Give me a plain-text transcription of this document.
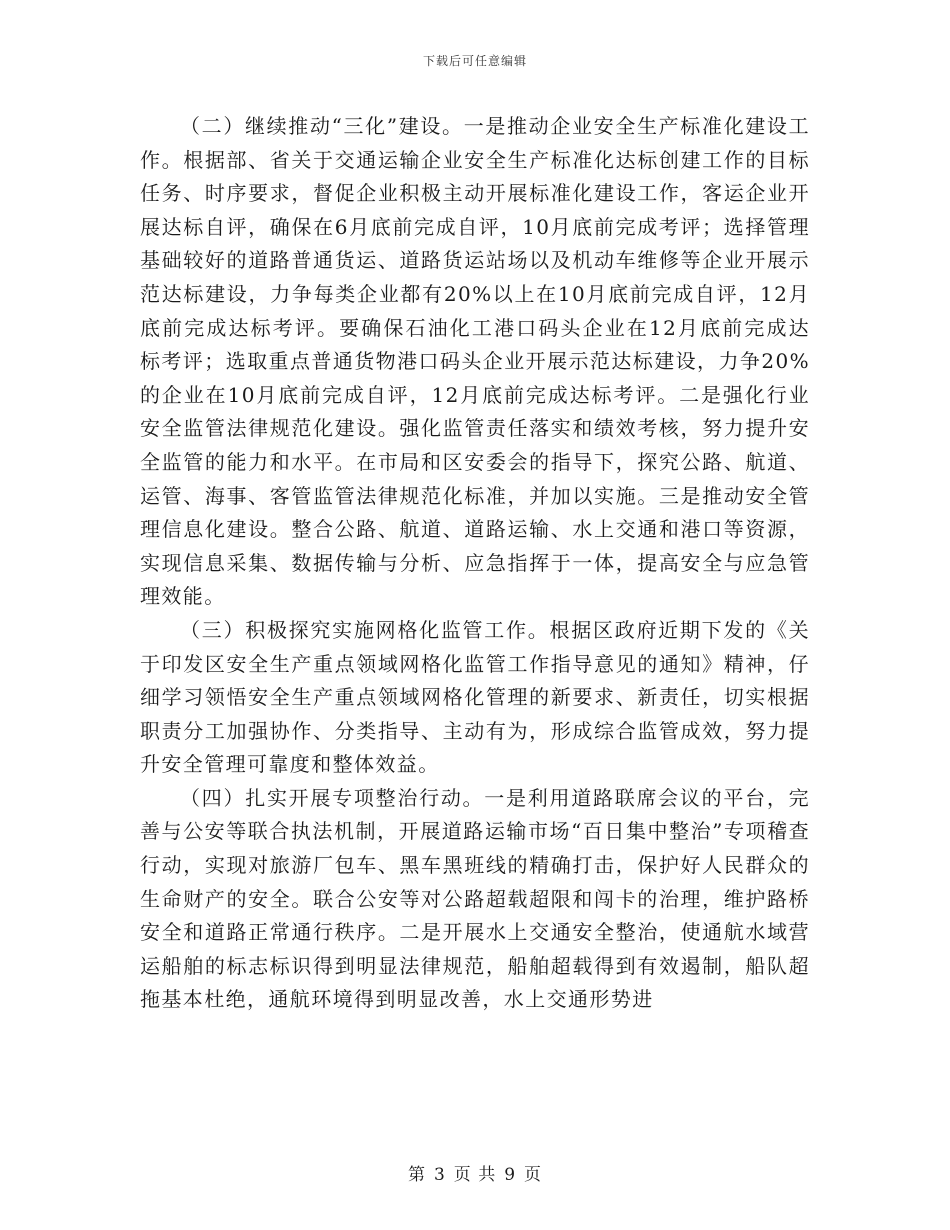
下载后可任意编辑

（二）继续推动“三化”建设。一是推动企业安全生产标准化建设工作。根据部、省关于交通运输企业安全生产标准化达标创建工作的目标任务、时序要求，督促企业积极主动开展标准化建设工作，客运企业开展达标自评，确保在6月底前完成自评，10月底前完成考评；选择管理基础较好的道路普通货运、道路货运站场以及机动车维修等企业开展示范达标建设，力争每类企业都有20%以上在10月底前完成自评，12月底前完成达标考评。要确保石油化工港口码头企业在12月底前完成达标考评；选取重点普通货物港口码头企业开展示范达标建设，力争20%的企业在10月底前完成自评，12月底前完成达标考评。二是强化行业安全监管法律规范化建设。强化监管责任落实和绩效考核，努力提升安全监管的能力和水平。在市局和区安委会的指导下，探究公路、航道、运管、海事、客管监管法律规范化标准，并加以实施。三是推动安全管理信息化建设。整合公路、航道、道路运输、水上交通和港口等资源，实现信息采集、数据传输与分析、应急指挥于一体，提高安全与应急管理效能。

（三）积极探究实施网格化监管工作。根据区政府近期下发的《关于印发区安全生产重点领域网格化监管工作指导意见的通知》精神，仔细学习领悟安全生产重点领域网格化管理的新要求、新责任，切实根据职责分工加强协作、分类指导、主动有为，形成综合监管成效，努力提升安全管理可靠度和整体效益。

（四）扎实开展专项整治行动。一是利用道路联席会议的平台，完善与公安等联合执法机制，开展道路运输市场“百日集中整治”专项稽查行动，实现对旅游厂包车、黑车黑班线的精确打击，保护好人民群众的生命财产的安全。联合公安等对公路超载超限和闯卡的治理，维护路桥安全和道路正常通行秩序。二是开展水上交通安全整治，使通航水域营运船舶的标志标识得到明显法律规范，船舶超载得到有效遏制，船队超拖基本杜绝，通航环境得到明显改善，水上交通形势进

第 3 页 共 9 页
